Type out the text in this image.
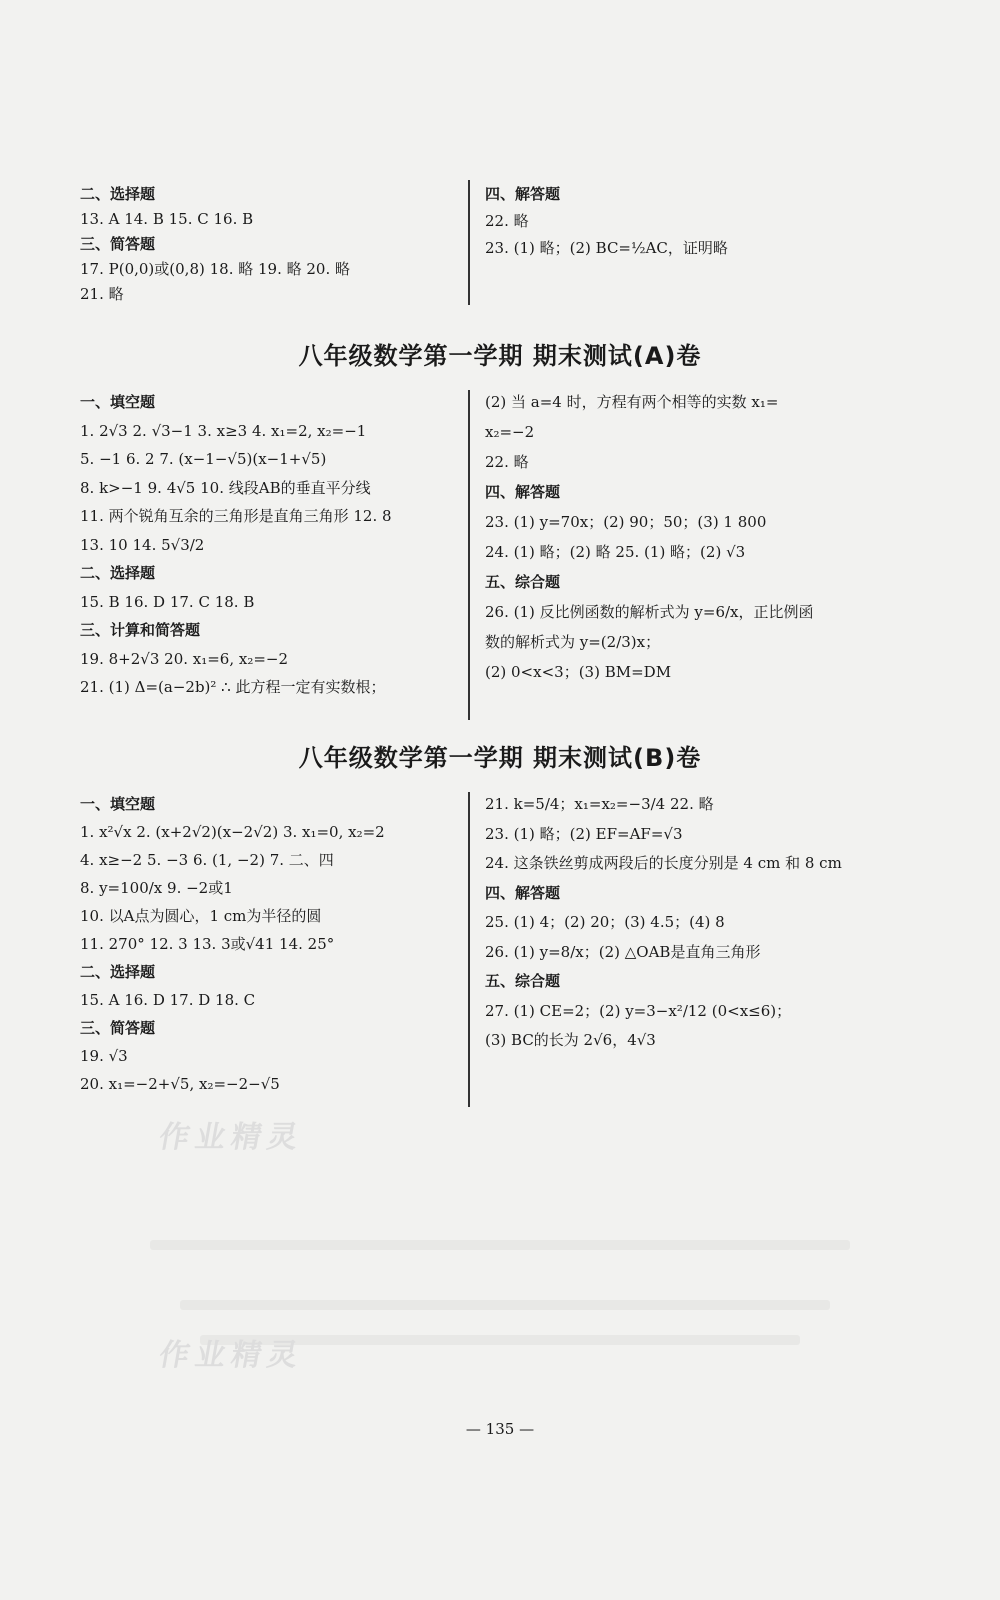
二、选择题
13. A 14. B 15. C 16. B
三、简答题
17. P(0,0)或(0,8) 18. 略 19. 略 20. 略
21. 略
四、解答题
22. 略
23. (1) 略；(2) BC=½AC，证明略
八年级数学第一学期 期末测试(A)卷
一、填空题
1. 2√3 2. √3−1 3. x≥3 4. x₁=2, x₂=−1
5. −1 6. 2 7. (x−1−√5)(x−1+√5)
8. k>−1 9. 4√5 10. 线段AB的垂直平分线
11. 两个锐角互余的三角形是直角三角形 12. 8
13. 10 14. 5√3/2
二、选择题
15. B 16. D 17. C 18. B
三、计算和简答题
19. 8+2√3 20. x₁=6, x₂=−2
21. (1) Δ=(a−2b)² ∴ 此方程一定有实数根；
(2) 当 a=4 时，方程有两个相等的实数 x₁=
x₂=−2
22. 略
四、解答题
23. (1) y=70x；(2) 90；50；(3) 1 800
24. (1) 略；(2) 略 25. (1) 略；(2) √3
五、综合题
26. (1) 反比例函数的解析式为 y=6/x，正比例函
数的解析式为 y=(2/3)x；
(2) 0<x<3；(3) BM=DM
八年级数学第一学期 期末测试(B)卷
一、填空题
1. x²√x 2. (x+2√2)(x−2√2) 3. x₁=0, x₂=2
4. x≥−2 5. −3 6. (1, −2) 7. 二、四
8. y=100/x 9. −2或1
10. 以A点为圆心，1 cm为半径的圆
11. 270° 12. 3 13. 3或√41 14. 25°
二、选择题
15. A 16. D 17. D 18. C
三、简答题
19. √3
20. x₁=−2+√5, x₂=−2−√5
21. k=5/4；x₁=x₂=−3/4 22. 略
23. (1) 略；(2) EF=AF=√3
24. 这条铁丝剪成两段后的长度分别是 4 cm 和 8 cm
四、解答题
25. (1) 4；(2) 20；(3) 4.5；(4) 8
26. (1) y=8/x；(2) △OAB是直角三角形
五、综合题
27. (1) CE=2；(2) y=3−x²/12 (0<x≤6)；
(3) BC的长为 2√6，4√3
作业精灵
作业精灵
— 135 —
